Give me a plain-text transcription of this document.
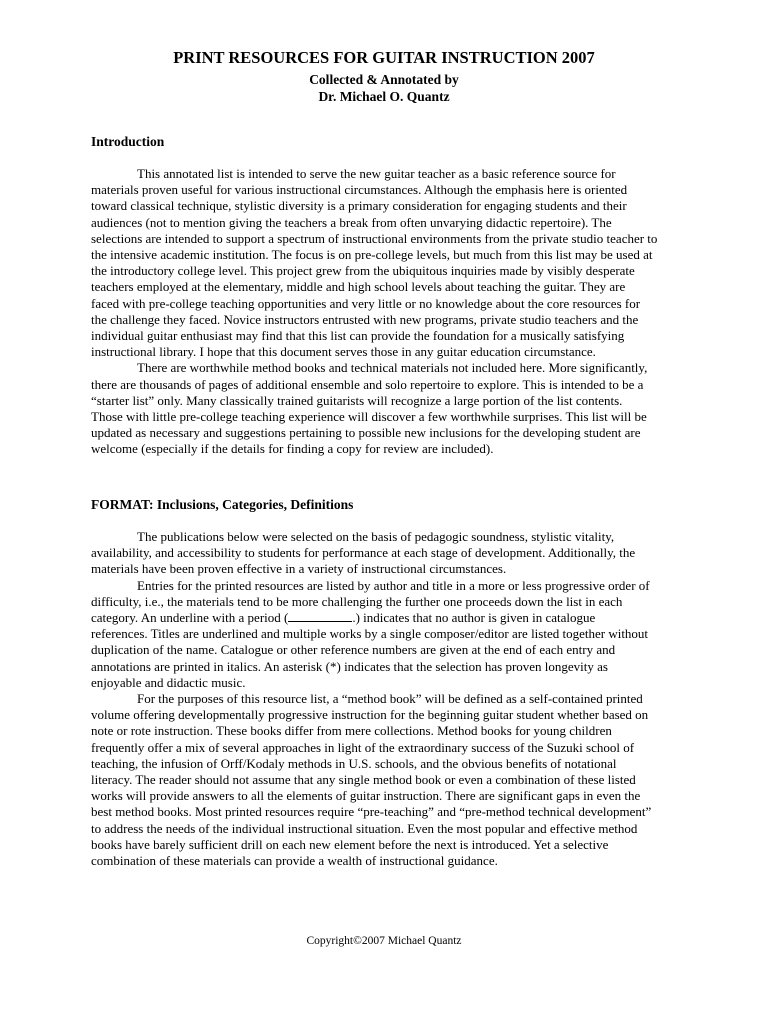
PRINT RESOURCES FOR GUITAR INSTRUCTION 2007
Collected & Annotated by
Dr. Michael O. Quantz
Introduction
This annotated list is intended to serve the new guitar teacher as a basic reference source for
materials proven useful for various instructional circumstances. Although the emphasis here is oriented
toward classical technique, stylistic diversity is a primary consideration for engaging students and their
audiences (not to mention giving the teachers a break from often unvarying didactic repertoire). The
selections are intended to support a spectrum of instructional environments from the private studio teacher to
the intensive academic institution. The focus is on pre-college levels, but much from this list may be used at
the introductory college level. This project grew from the ubiquitous inquiries made by visibly desperate
teachers employed at the elementary, middle and high school levels about teaching the guitar. They are
faced with pre-college teaching opportunities and very little or no knowledge about the core resources for
the challenge they faced. Novice instructors entrusted with new programs, private studio teachers and the
individual guitar enthusiast may find that this list can provide the foundation for a musically satisfying
instructional library. I hope that this document serves those in any guitar education circumstance.
There are worthwhile method books and technical materials not included here. More significantly,
there are thousands of pages of additional ensemble and solo repertoire to explore. This is intended to be a
“starter list” only. Many classically trained guitarists will recognize a large portion of the list contents.
Those with little pre-college teaching experience will discover a few worthwhile surprises. This list will be
updated as necessary and suggestions pertaining to possible new inclusions for the developing student are
welcome (especially if the details for finding a copy for review are included).
FORMAT: Inclusions, Categories, Definitions
The publications below were selected on the basis of pedagogic soundness, stylistic vitality,
availability, and accessibility to students for performance at each stage of development. Additionally, the
materials have been proven effective in a variety of instructional circumstances.
Entries for the printed resources are listed by author and title in a more or less progressive order of
difficulty, i.e., the materials tend to be more challenging the further one proceeds down the list in each
category. An underline with a period (	.) indicates that no author is given in catalogue
references. Titles are underlined and multiple works by a single composer/editor are listed together without
duplication of the name. Catalogue or other reference numbers are given at the end of each entry and
annotations are printed in italics. An asterisk (*) indicates that the selection has proven longevity as
enjoyable and didactic music.
For the purposes of this resource list, a “method book” will be defined as a self-contained printed
volume offering developmentally progressive instruction for the beginning guitar student whether based on
note or rote instruction. These books differ from mere collections. Method books for young children
frequently offer a mix of several approaches in light of the extraordinary success of the Suzuki school of
teaching, the infusion of Orff/Kodaly methods in U.S. schools, and the obvious benefits of notational
literacy. The reader should not assume that any single method book or even a combination of these listed
works will provide answers to all the elements of guitar instruction. There are significant gaps in even the
best method books. Most printed resources require “pre-teaching” and “pre-method technical development”
to address the needs of the individual instructional situation. Even the most popular and effective method
books have barely sufficient drill on each new element before the next is introduced. Yet a selective
combination of these materials can provide a wealth of instructional guidance.
Copyright©2007 Michael Quantz
